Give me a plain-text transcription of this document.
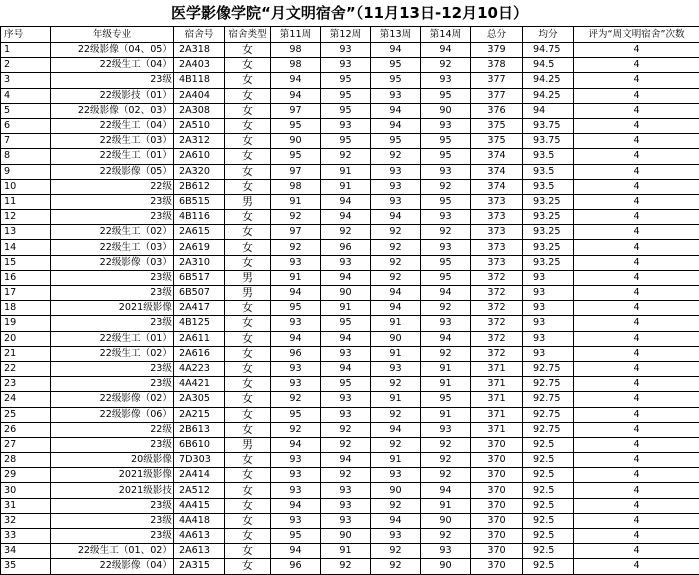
医学影像学院“月文明宿舍”（11月13日-12月10日）
序号	年级专业	宿舍号	宿舍类型	第11周	第12周	第13周	第14周	总分	均分	评为“周文明宿舍”次数
1	22级影像（04、05）	2A318	女	98	93	94	94	379	94.75	4
2	22级生工（04）	2A403	女	98	93	95	92	378	94.5	4
3	23级	4B118	女	94	95	95	93	377	94.25	4
4	22级影技（01）	2A404	女	94	95	93	95	377	94.25	4
5	22级影像（02、03）	2A308	女	97	95	94	90	376	94	4
6	22级生工（04）	2A510	女	95	93	94	93	375	93.75	4
7	22级生工（03）	2A312	女	90	95	95	95	375	93.75	4
8	22级生工（01）	2A610	女	95	92	92	95	374	93.5	4
9	22级影像（05）	2A320	女	97	91	93	93	374	93.5	4
10	22级	2B612	女	98	91	93	92	374	93.5	4
11	23级	6B515	男	91	94	93	95	373	93.25	4
12	23级	4B116	女	92	94	94	93	373	93.25	4
13	22级生工（02）	2A615	女	97	92	92	92	373	93.25	4
14	22级生工（03）	2A619	女	92	96	92	93	373	93.25	4
15	22级影像（03）	2A310	女	93	93	92	95	373	93.25	4
16	23级	6B517	男	91	94	92	95	372	93	4
17	23级	6B507	男	94	90	94	94	372	93	4
18	2021级影像	2A417	女	95	91	94	92	372	93	4
19	23级	4B125	女	93	95	91	93	372	93	4
20	22级生工（01）	2A611	女	94	94	90	94	372	93	4
21	22级生工（02）	2A616	女	96	93	91	92	372	93	4
22	23级	4A223	女	93	94	93	91	371	92.75	4
23	23级	4A421	女	93	95	92	91	371	92.75	4
24	22级影像（02）	2A305	女	92	93	91	95	371	92.75	4
25	22级影像（06）	2A215	女	95	93	92	91	371	92.75	4
26	22级	2B613	女	92	92	94	93	371	92.75	4
27	23级	6B610	男	94	92	92	92	370	92.5	4
28	20级影像	7D303	女	93	94	91	92	370	92.5	4
29	2021级影像	2A414	女	93	92	93	92	370	92.5	4
30	2021级影技	2A512	女	93	93	90	94	370	92.5	4
31	23级	4A415	女	94	93	92	91	370	92.5	4
32	23级	4A418	女	93	93	94	90	370	92.5	4
33	23级	4A613	女	95	90	93	92	370	92.5	4
34	22级生工（01、02）	2A613	女	94	91	92	93	370	92.5	4
35	22级影像（04）	2A315	女	96	92	92	90	370	92.5	4
